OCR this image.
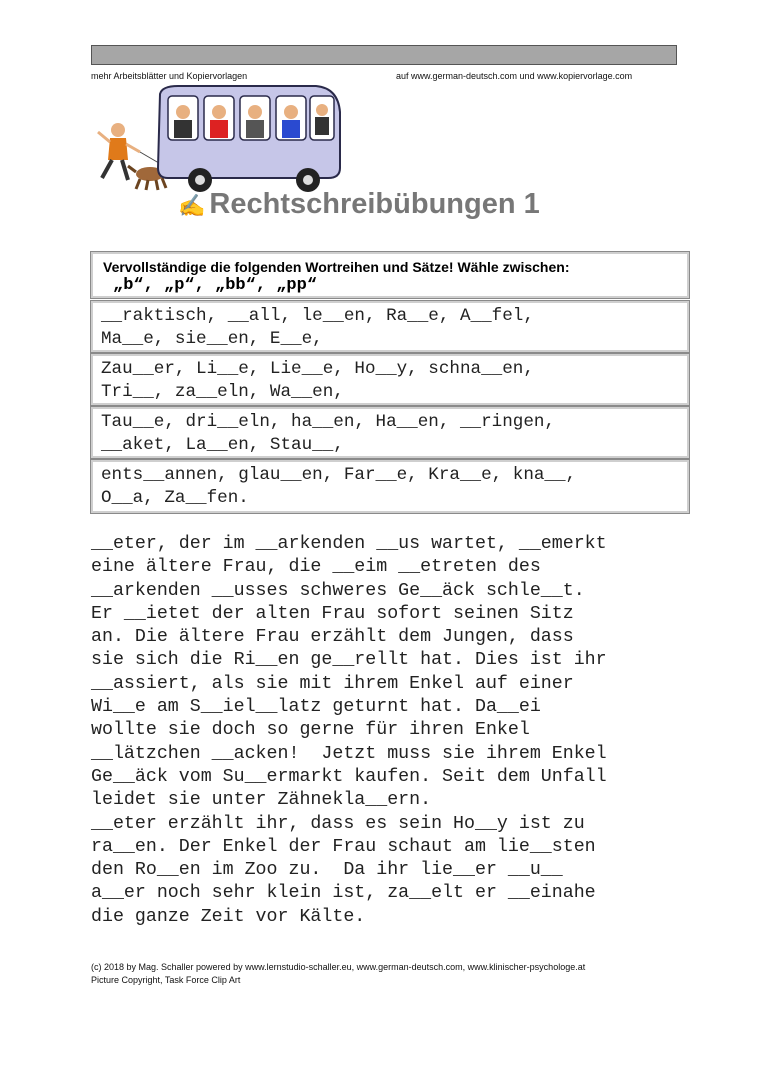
mehr Arbeitsblätter und Kopiervorlagen	auf www.german-deutsch.com und www.kopiervorlage.com
✍ Rechtschreibübungen 1
Vervollständige die folgenden Wortreihen und Sätze! Wähle zwischen:
„b“, „p“, „bb“, „pp“
__raktisch, __all, le__en, Ra__e, A__fel,
Ma__e, sie__en, E__e,
Zau__er, Li__e, Lie__e, Ho__y, schna__en,
Tri__, za__eln, Wa__en,
Tau__e, dri__eln, ha__en, Ha__en, __ringen,
__aket, La__en, Stau__,
ents__annen, glau__en, Far__e, Kra__e, kna__,
O__a, Za__fen.
__eter, der im __arkenden __us wartet, __emerkt
eine ältere Frau, die __eim __etreten des
__arkenden __usses schweres Ge__äck schle__t.
Er __ietet der alten Frau sofort seinen Sitz
an. Die ältere Frau erzählt dem Jungen, dass
sie sich die Ri__en ge__rellt hat. Dies ist ihr
__assiert, als sie mit ihrem Enkel auf einer
Wi__e am S__iel__latz geturnt hat. Da__ei
wollte sie doch so gerne für ihren Enkel
__lätzchen __acken!  Jetzt muss sie ihrem Enkel
Ge__äck vom Su__ermarkt kaufen. Seit dem Unfall
leidet sie unter Zähnekla__ern.
__eter erzählt ihr, dass es sein Ho__y ist zu
ra__en. Der Enkel der Frau schaut am lie__sten
den Ro__en im Zoo zu.  Da ihr lie__er __u__
a__er noch sehr klein ist, za__elt er __einahe
die ganze Zeit vor Kälte.
(c) 2018 by Mag. Schaller powered by www.lernstudio-schaller.eu, www.german-deutsch.com, www.klinischer-psychologe.at
Picture Copyright, Task Force Clip Art
